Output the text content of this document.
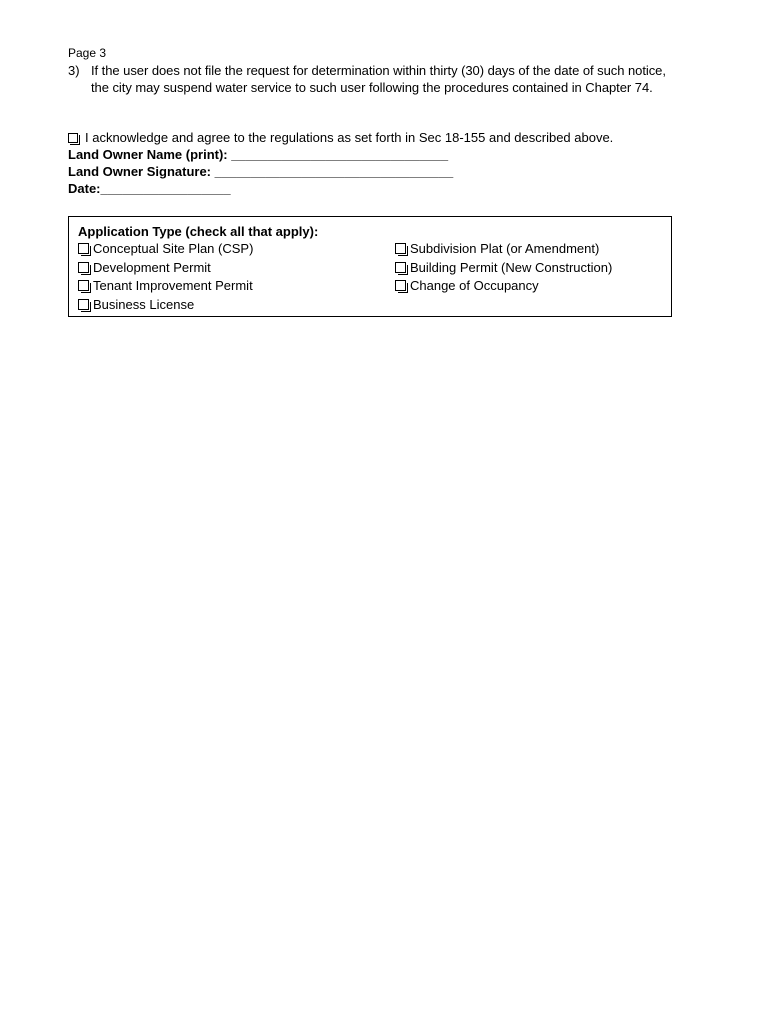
Page 3
3) If the user does not file the request for determination within thirty (30) days of the date of such notice, the city may suspend water service to such user following the procedures contained in Chapter 74.
I acknowledge and agree to the regulations as set forth in Sec 18-155 and described above.
Land Owner Name (print): ______________________________
Land Owner Signature: _________________________________
Date:__________________
Application Type (check all that apply):
Conceptual Site Plan (CSP)
Development Permit
Tenant Improvement Permit
Business License
Subdivision Plat (or Amendment)
Building Permit (New Construction)
Change of Occupancy
